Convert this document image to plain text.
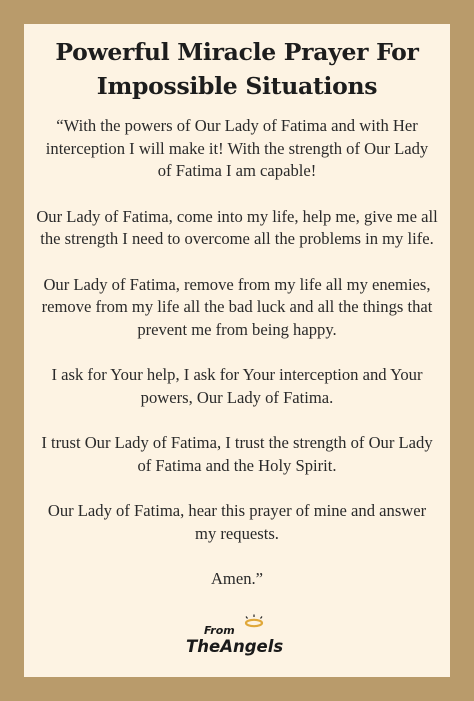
Powerful Miracle Prayer For
Impossible Situations

“With the powers of Our Lady of Fatima and with Her
interception I will make it! With the strength of Our Lady
of Fatima I am capable!

Our Lady of Fatima, come into my life, help me, give me all
the strength I need to overcome all the problems in my life.

Our Lady of Fatima, remove from my life all my enemies,
remove from my life all the bad luck and all the things that
prevent me from being happy.

I ask for Your help, I ask for Your interception and Your
powers, Our Lady of Fatima.

I trust Our Lady of Fatima, I trust the strength of Our Lady
of Fatima and the Holy Spirit.

Our Lady of Fatima, hear this prayer of mine and answer
my requests.

Amen.”

From
TheAngels
